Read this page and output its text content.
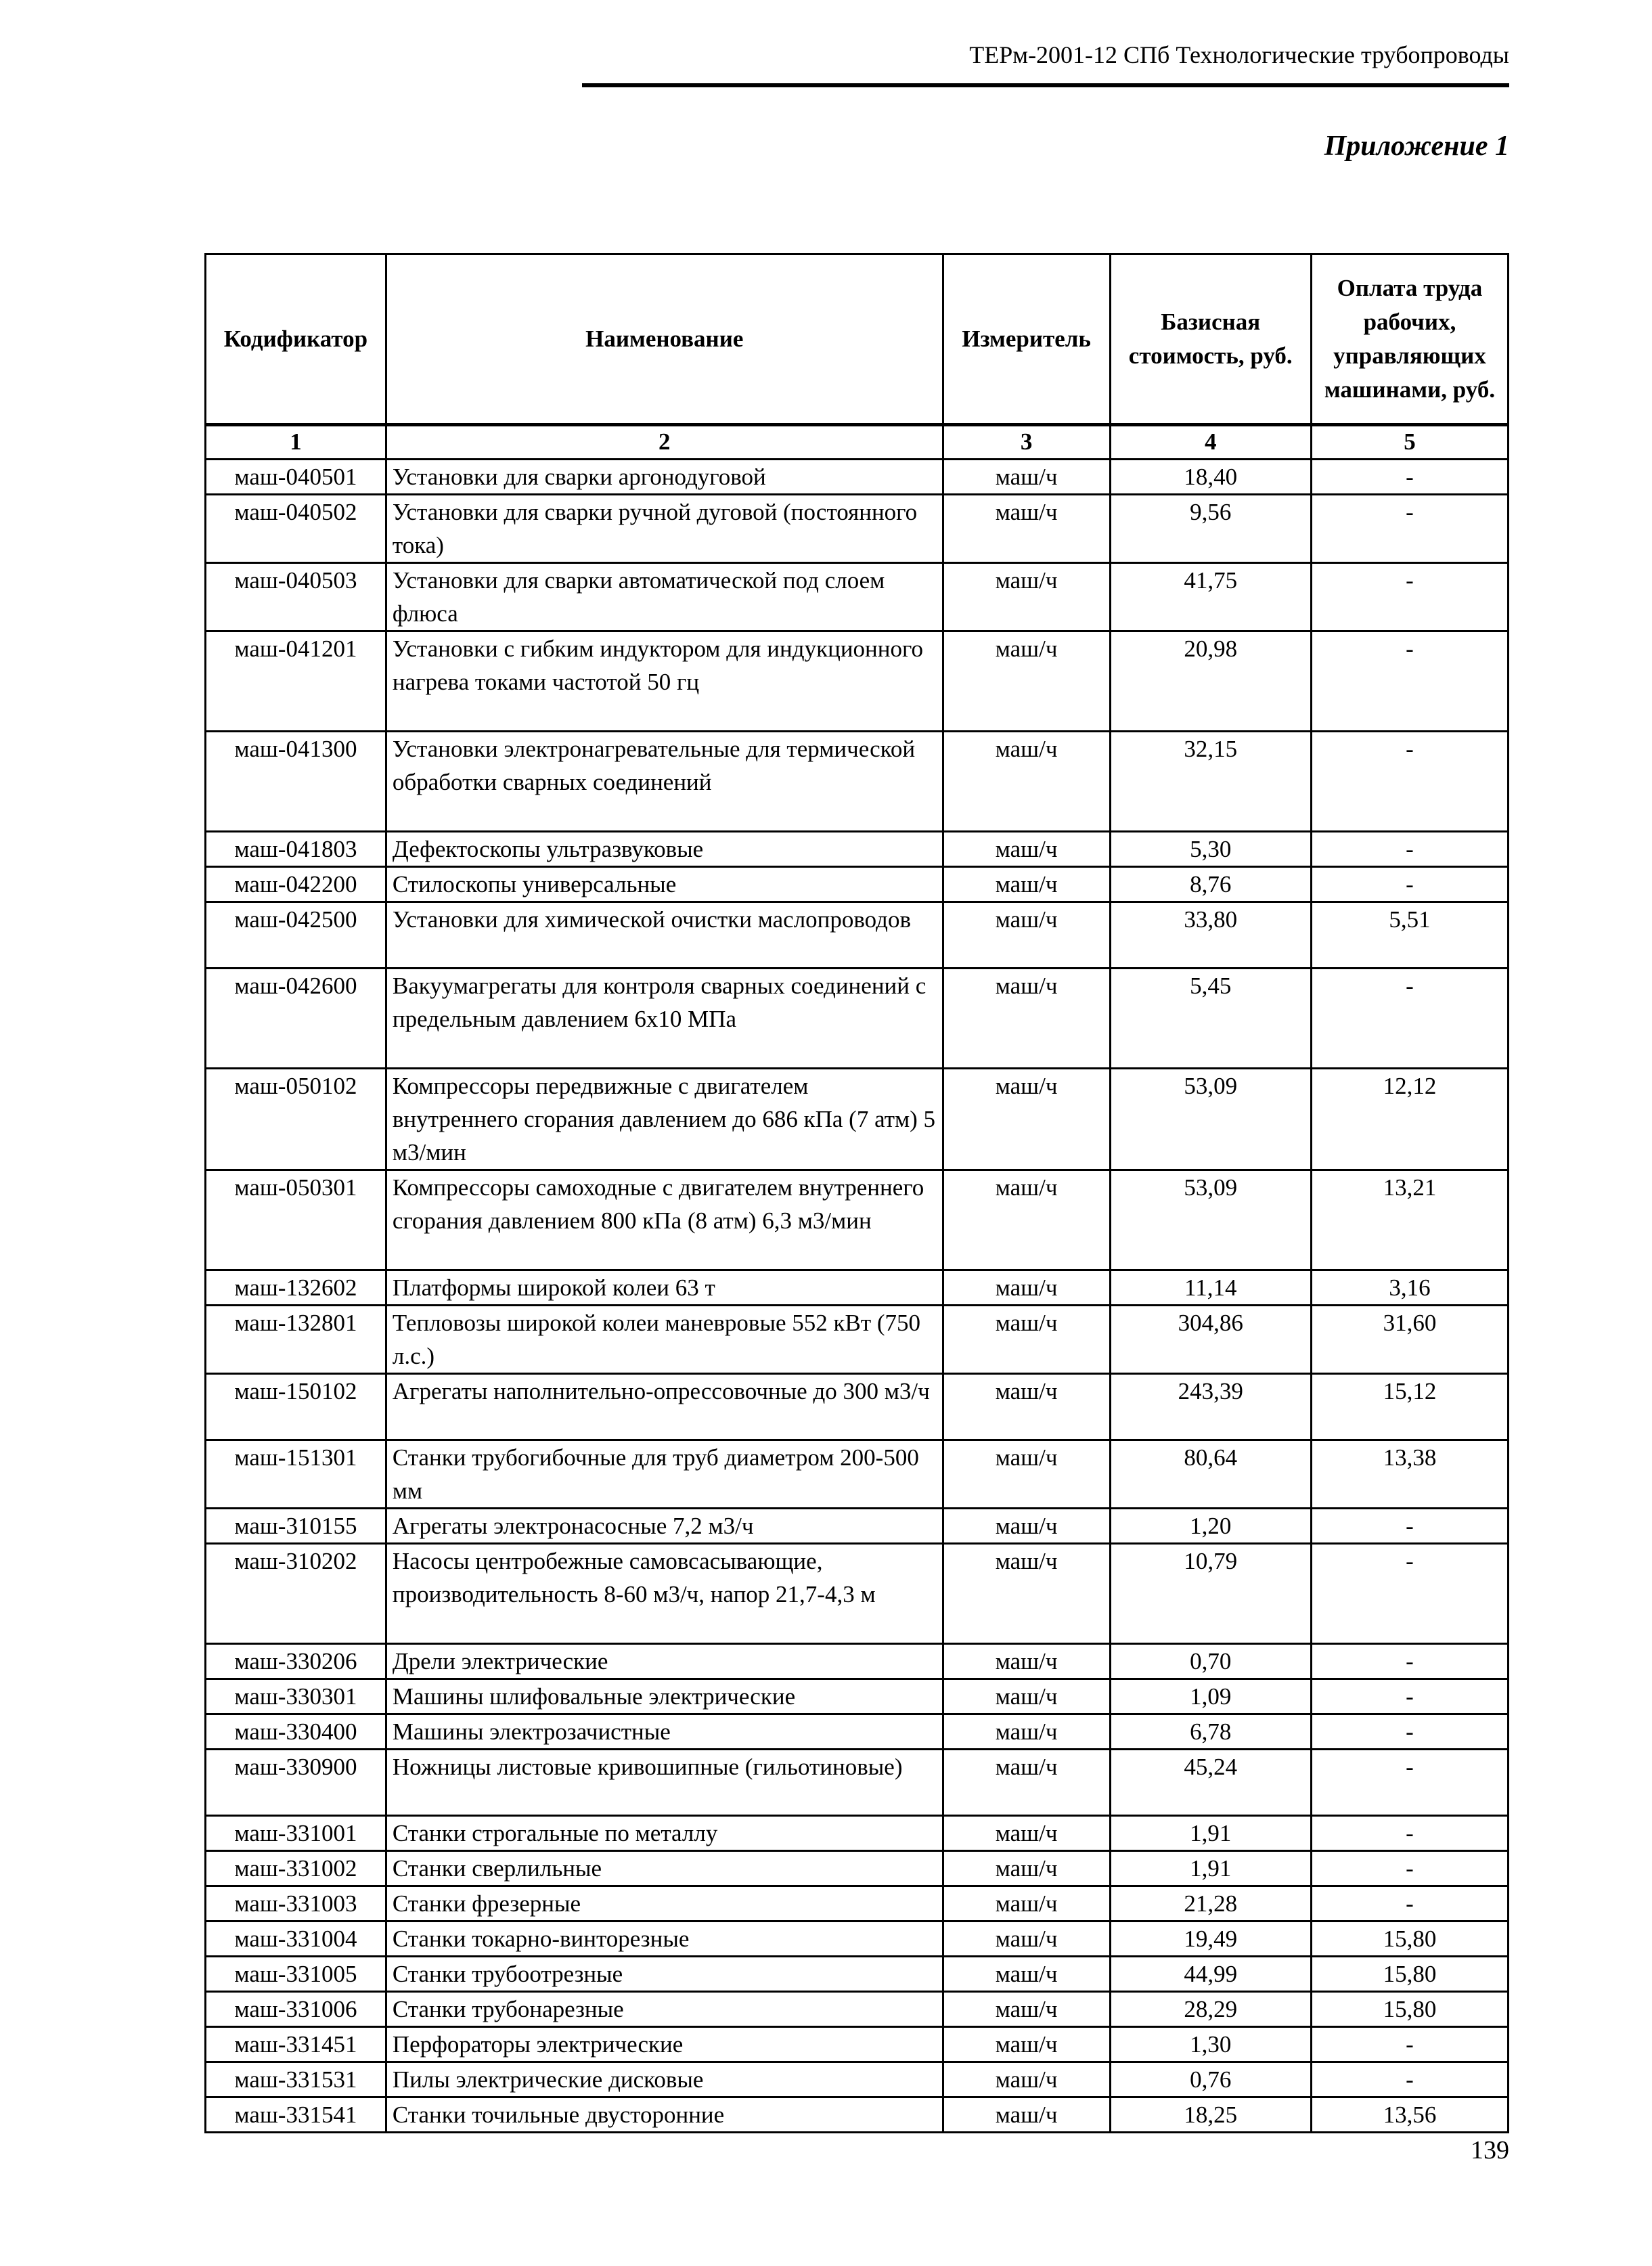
ТЕРм-2001-12 СПб Технологические трубопроводы
Приложение 1
Кодификатор	Наименование	Измеритель	Базисная стоимость, руб.	Оплата труда рабочих, управляющих машинами, руб.
1	2	3	4	5
маш-040501	Установки для сварки аргонодуговой	маш/ч	18,40	-
маш-040502	Установки для сварки ручной дуговой (постоянного тока)	маш/ч	9,56	-
маш-040503	Установки для сварки автоматической под слоем флюса	маш/ч	41,75	-
маш-041201	Установки с гибким индуктором для индукционного нагрева токами частотой 50 гц	маш/ч	20,98	-
маш-041300	Установки электронагревательные для термической обработки сварных соединений	маш/ч	32,15	-
маш-041803	Дефектоскопы ультразвуковые	маш/ч	5,30	-
маш-042200	Стилоскопы универсальные	маш/ч	8,76	-
маш-042500	Установки для химической очистки маслопроводов	маш/ч	33,80	5,51
маш-042600	Вакуумагрегаты для контроля сварных соединений с предельным давлением 6х10 МПа	маш/ч	5,45	-
маш-050102	Компрессоры передвижные с двигателем внутреннего сгорания давлением до 686 кПа (7 атм) 5 м3/мин	маш/ч	53,09	12,12
маш-050301	Компрессоры самоходные с двигателем внутреннего сгорания давлением 800 кПа (8 атм) 6,3 м3/мин	маш/ч	53,09	13,21
маш-132602	Платформы широкой колеи 63 т	маш/ч	11,14	3,16
маш-132801	Тепловозы широкой колеи маневровые 552 кВт (750 л.с.)	маш/ч	304,86	31,60
маш-150102	Агрегаты наполнительно-опрессовочные до 300 м3/ч	маш/ч	243,39	15,12
маш-151301	Станки трубогибочные для труб диаметром 200-500 мм	маш/ч	80,64	13,38
маш-310155	Агрегаты электронасосные 7,2 м3/ч	маш/ч	1,20	-
маш-310202	Насосы центробежные самовсасывающие, производительность 8-60 м3/ч, напор 21,7-4,3 м	маш/ч	10,79	-
маш-330206	Дрели электрические	маш/ч	0,70	-
маш-330301	Машины шлифовальные электрические	маш/ч	1,09	-
маш-330400	Машины электрозачистные	маш/ч	6,78	-
маш-330900	Ножницы листовые кривошипные (гильотиновые)	маш/ч	45,24	-
маш-331001	Станки строгальные по металлу	маш/ч	1,91	-
маш-331002	Станки сверлильные	маш/ч	1,91	-
маш-331003	Станки фрезерные	маш/ч	21,28	-
маш-331004	Станки токарно-винторезные	маш/ч	19,49	15,80
маш-331005	Станки трубоотрезные	маш/ч	44,99	15,80
маш-331006	Станки трубонарезные	маш/ч	28,29	15,80
маш-331451	Перфораторы электрические	маш/ч	1,30	-
маш-331531	Пилы электрические дисковые	маш/ч	0,76	-
маш-331541	Станки точильные двусторонние	маш/ч	18,25	13,56
139
